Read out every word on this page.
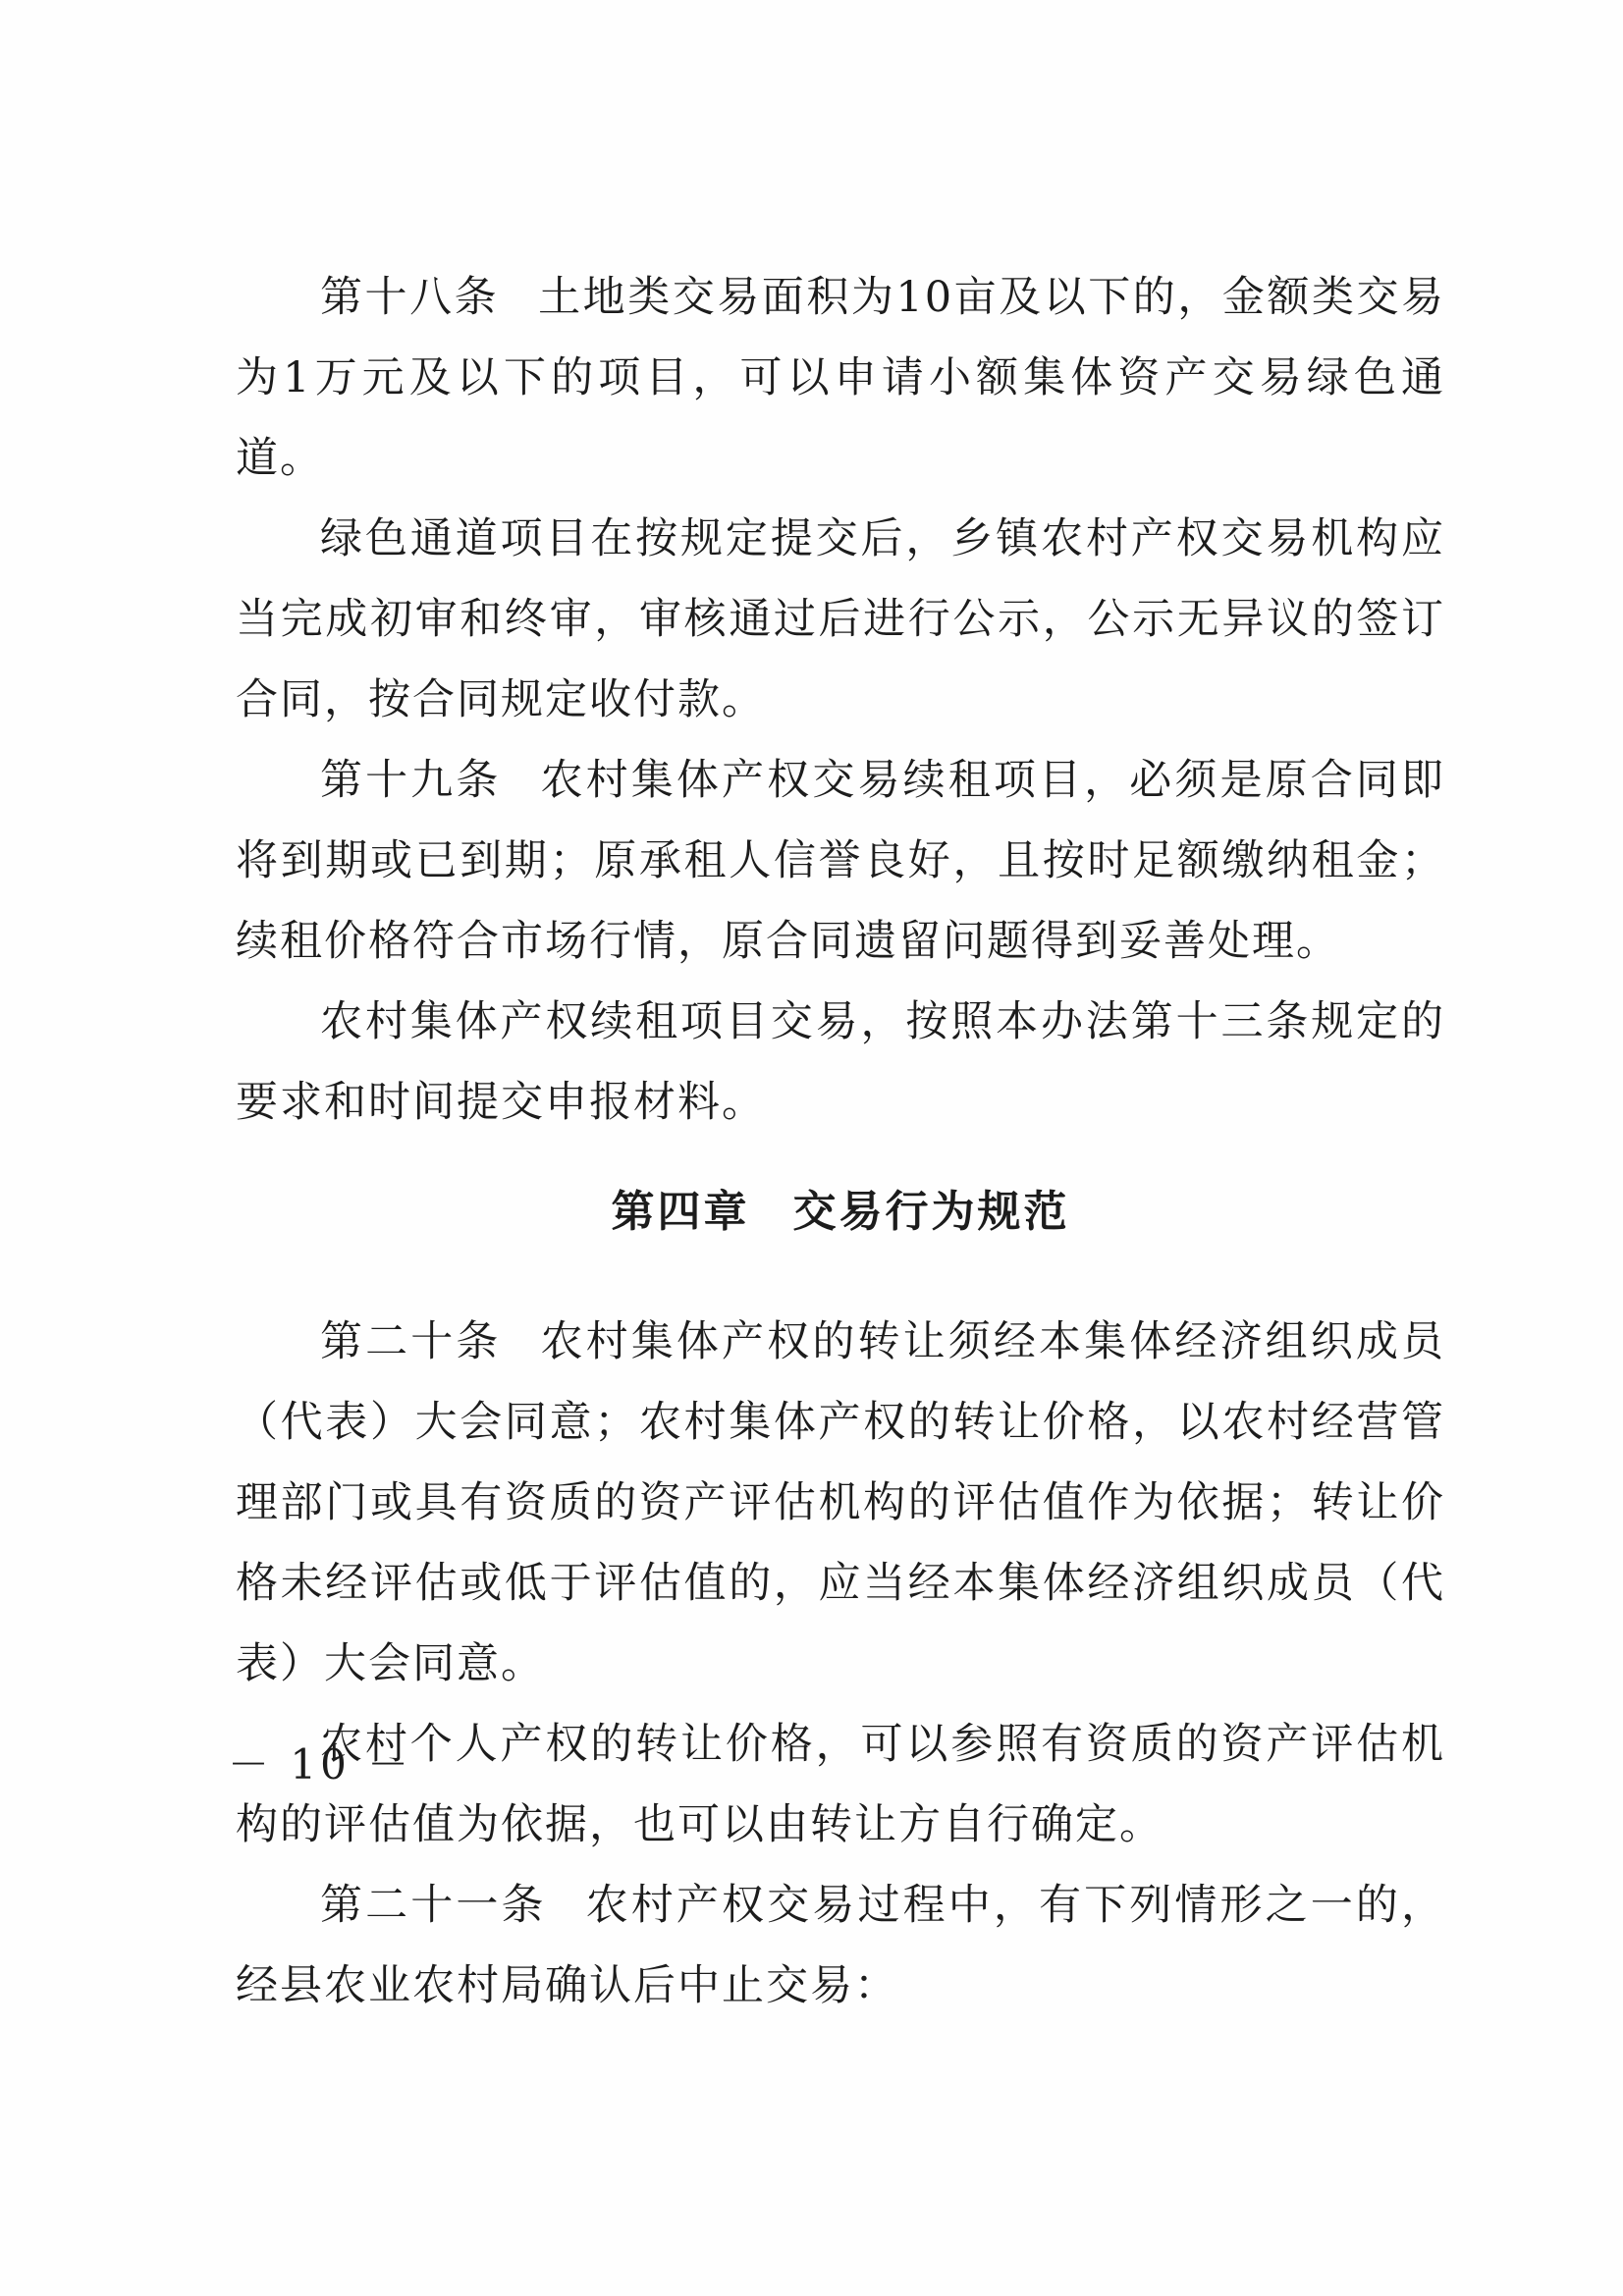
第十八条 土地类交易面积为10亩及以下的，金额类交易为1万元及以下的项目，可以申请小额集体资产交易绿色通道。

绿色通道项目在按规定提交后，乡镇农村产权交易机构应当完成初审和终审，审核通过后进行公示，公示无异议的签订合同，按合同规定收付款。

第十九条 农村集体产权交易续租项目，必须是原合同即将到期或已到期；原承租人信誉良好，且按时足额缴纳租金；续租价格符合市场行情，原合同遗留问题得到妥善处理。

农村集体产权续租项目交易，按照本办法第十三条规定的要求和时间提交申报材料。

第四章 交易行为规范

第二十条 农村集体产权的转让须经本集体经济组织成员（代表）大会同意；农村集体产权的转让价格，以农村经营管理部门或具有资质的资产评估机构的评估值作为依据；转让价格未经评估或低于评估值的，应当经本集体经济组织成员（代表）大会同意。

农村个人产权的转让价格，可以参照有资质的资产评估机构的评估值为依据，也可以由转让方自行确定。

第二十一条 农村产权交易过程中，有下列情形之一的，经县农业农村局确认后中止交易：

－ 10 －
